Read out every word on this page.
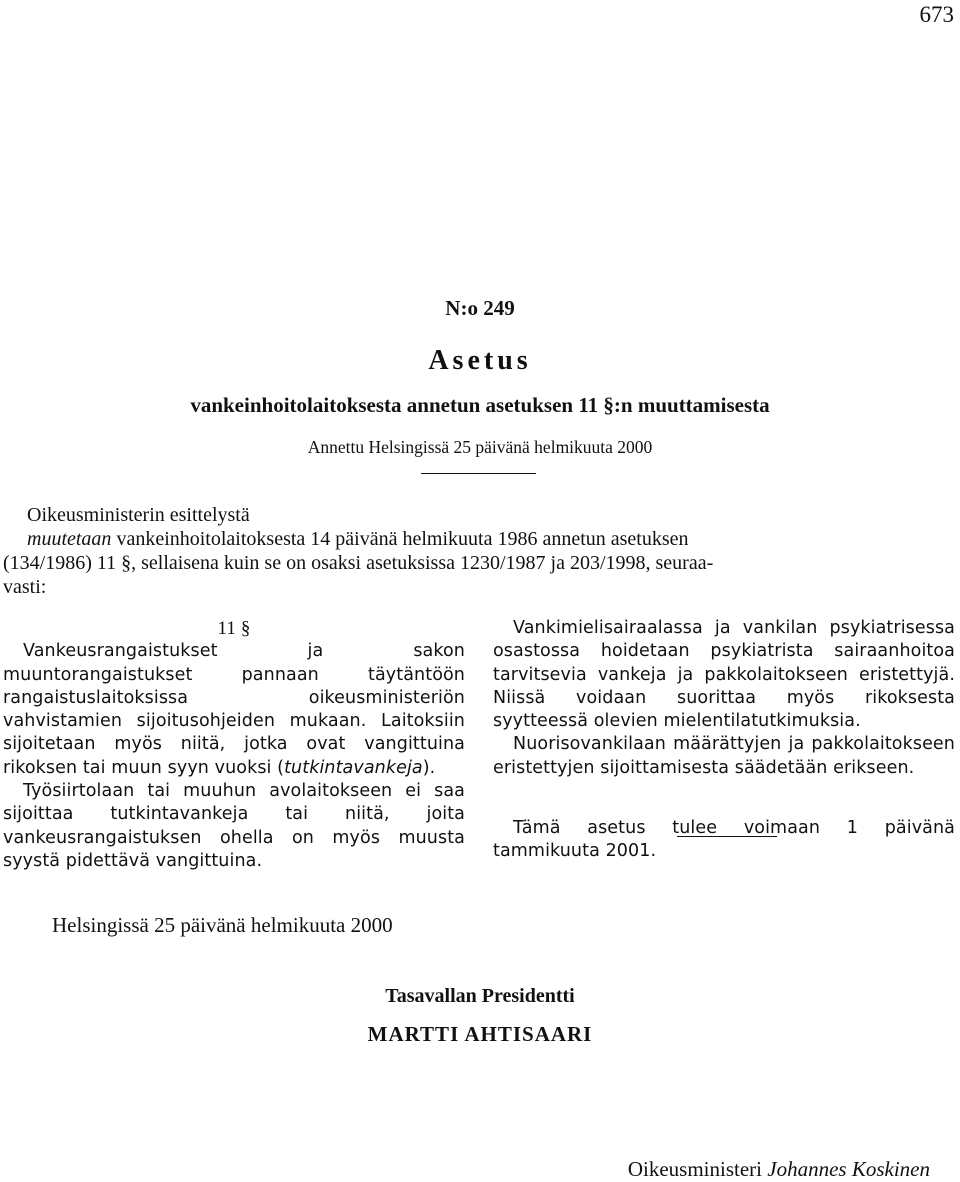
673
N:o 249
Asetus
vankeinhoitolaitoksesta annetun asetuksen 11 §:n muuttamisesta
Annettu Helsingissä 25 päivänä helmikuuta 2000
Oikeusministerin esittelystä
muutetaan vankeinhoitolaitoksesta 14 päivänä helmikuuta 1986 annetun asetuksen
(134/1986) 11 §, sellaisena kuin se on osaksi asetuksissa 1230/1987 ja 203/1998, seuraa-
vasti:
11 §

Vankeusrangaistukset ja sakon muuntorangaistukset pannaan täytäntöön rangaistuslaitoksissa oikeusministeriön vahvistamien sijoitusohjeiden mukaan. Laitoksiin sijoitetaan myös niitä, jotka ovat vangittuina rikoksen tai muun syyn vuoksi (tutkintavankeja).

Työsiirtolaan tai muuhun avolaitokseen ei saa sijoittaa tutkintavankeja tai niitä, joita vankeusrangaistuksen ohella on myös muusta syystä pidettävä vangittuina.

Vankimielisairaalassa ja vankilan psykiatrisessa osastossa hoidetaan psykiatrista sairaanhoitoa tarvitsevia vankeja ja pakkolaitokseen eristettyjä. Niissä voidaan suorittaa myös rikoksesta syytteessä olevien mielentilatutkimuksia.

Nuorisovankilaan määrättyjen ja pakkolaitokseen eristettyjen sijoittamisesta säädetään erikseen.

Tämä asetus tulee voimaan 1 päivänä tammikuuta 2001.

Helsingissä 25 päivänä helmikuuta 2000
Tasavallan Presidentti
MARTTI AHTISAARI
Oikeusministeri Johannes Koskinen
